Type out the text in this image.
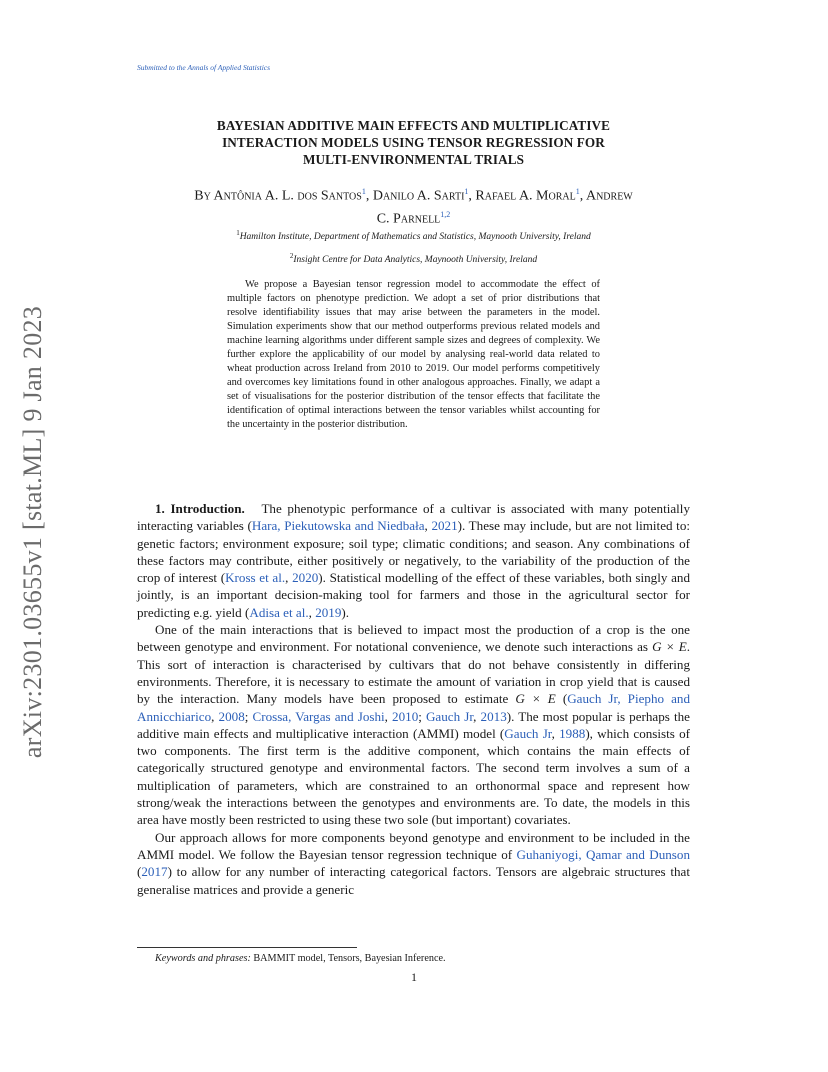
Submitted to the Annals of Applied Statistics
arXiv:2301.03655v1 [stat.ML] 9 Jan 2023
BAYESIAN ADDITIVE MAIN EFFECTS AND MULTIPLICATIVE
INTERACTION MODELS USING TENSOR REGRESSION FOR
MULTI-ENVIRONMENTAL TRIALS
By Antônia A. L. dos Santos$^1$, Danilo A. Sarti$^1$, Rafael A. Moral$^1$, Andrew
C. Parnell$^{1,2}$
$^1$Hamilton Institute, Department of Mathematics and Statistics, Maynooth University, Ireland
$^2$Insight Centre for Data Analytics, Maynooth University, Ireland
We propose a Bayesian tensor regression model to accommodate the effect of multiple factors on phenotype prediction. We adopt a set of prior distributions that resolve identifiability issues that may arise between the parameters in the model. Simulation experiments show that our method outperforms previous related models and machine learning algorithms under different sample sizes and degrees of complexity. We further explore the applicability of our model by analysing real-world data related to wheat production across Ireland from 2010 to 2019. Our model performs competitively and overcomes key limitations found in other analogous approaches. Finally, we adapt a set of visualisations for the posterior distribution of the tensor effects that facilitate the identification of optimal interactions between the tensor variables whilst accounting for the uncertainty in the posterior distribution.

1. Introduction. The phenotypic performance of a cultivar is associated with many potentially interacting variables (Hara, Piekutowska and Niedbała, 2021). These may include, but are not limited to: genetic factors; environment exposure; soil type; climatic conditions; and season. Any combinations of these factors may contribute, either positively or negatively, to the variability of the production of the crop of interest (Kross et al., 2020). Statistical modelling of the effect of these variables, both singly and jointly, is an important decision-making tool for farmers and those in the agricultural sector for predicting e.g. yield (Adisa et al., 2019).

One of the main interactions that is believed to impact most the production of a crop is the one between genotype and environment. For notational convenience, we denote such interactions as G × E. This sort of interaction is characterised by cultivars that do not behave consistently in differing environments. Therefore, it is necessary to estimate the amount of variation in crop yield that is caused by the interaction. Many models have been proposed to estimate G × E (Gauch Jr, Piepho and Annicchiarico, 2008; Crossa, Vargas and Joshi, 2010; Gauch Jr, 2013). The most popular is perhaps the additive main effects and multiplicative interaction (AMMI) model (Gauch Jr, 1988), which consists of two components. The first term is the additive component, which contains the main effects of categorically structured genotype and environmental factors. The second term involves a sum of a multiplication of parameters, which are constrained to an orthonormal space and represent how strong/weak the interactions between the genotypes and environments are. To date, the models in this area have mostly been restricted to using these two sole (but important) covariates.

Our approach allows for more components beyond genotype and environment to be included in the AMMI model. We follow the Bayesian tensor regression technique of Guhaniyogi, Qamar and Dunson (2017) to allow for any number of interacting categorical factors. Tensors are algebraic structures that generalise matrices and provide a generic

Keywords and phrases: BAMMIT model, Tensors, Bayesian Inference.
1
